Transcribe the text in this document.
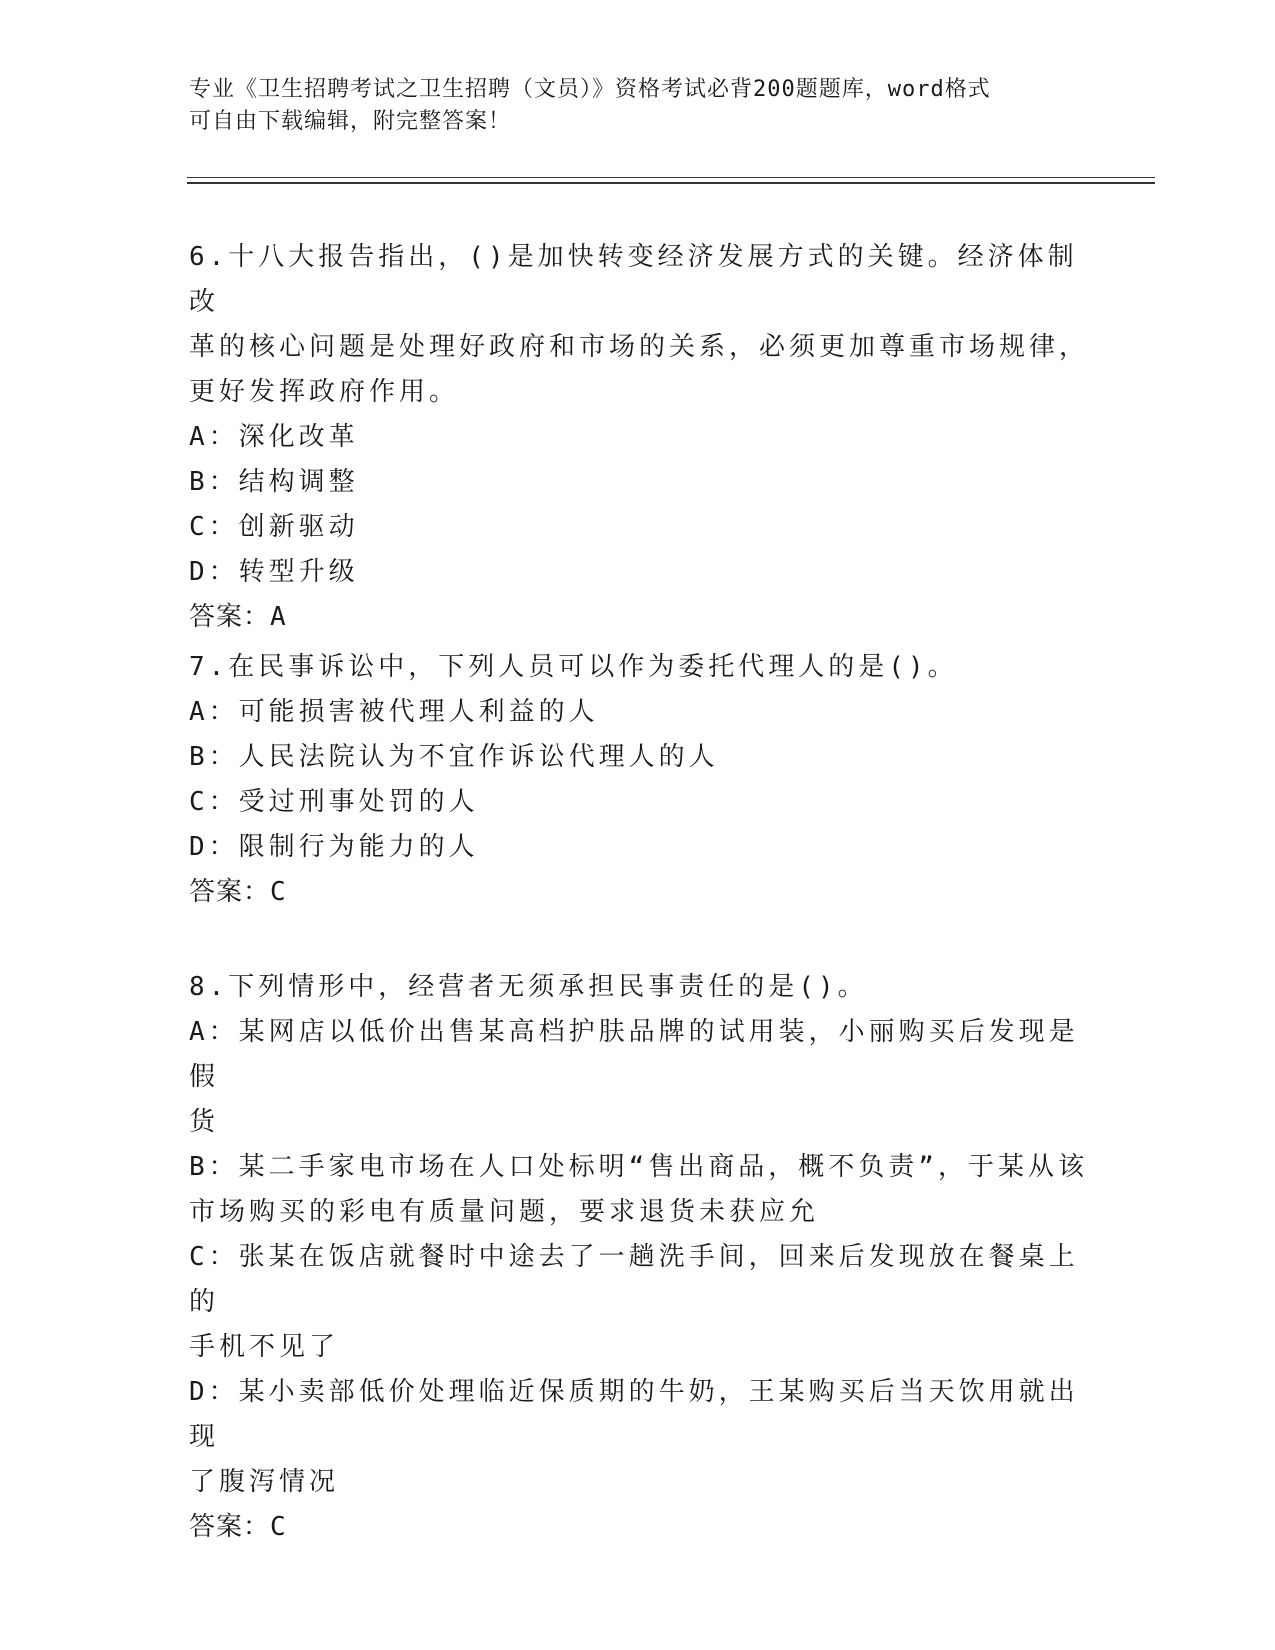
专业《卫生招聘考试之卫生招聘（文员）》资格考试必背200题题库，word格式
可自由下载编辑，附完整答案！

6.十八大报告指出，()是加快转变经济发展方式的关键。经济体制改

革的核心问题是处理好政府和市场的关系，必须更加尊重市场规律，

更好发挥政府作用。

A：深化改革

B：结构调整

C：创新驱动

D：转型升级

答案：A

7.在民事诉讼中，下列人员可以作为委托代理人的是()。

A：可能损害被代理人利益的人

B：人民法院认为不宜作诉讼代理人的人

C：受过刑事处罚的人

D：限制行为能力的人

答案：C

8.下列情形中，经营者无须承担民事责任的是()。

A：某网店以低价出售某高档护肤品牌的试用装，小丽购买后发现是假

货

B：某二手家电市场在人口处标明“售出商品，概不负责”，于某从该

市场购买的彩电有质量问题，要求退货未获应允

C：张某在饭店就餐时中途去了一趟洗手间，回来后发现放在餐桌上的

手机不见了

D：某小卖部低价处理临近保质期的牛奶，王某购买后当天饮用就出现

了腹泻情况

答案：C
